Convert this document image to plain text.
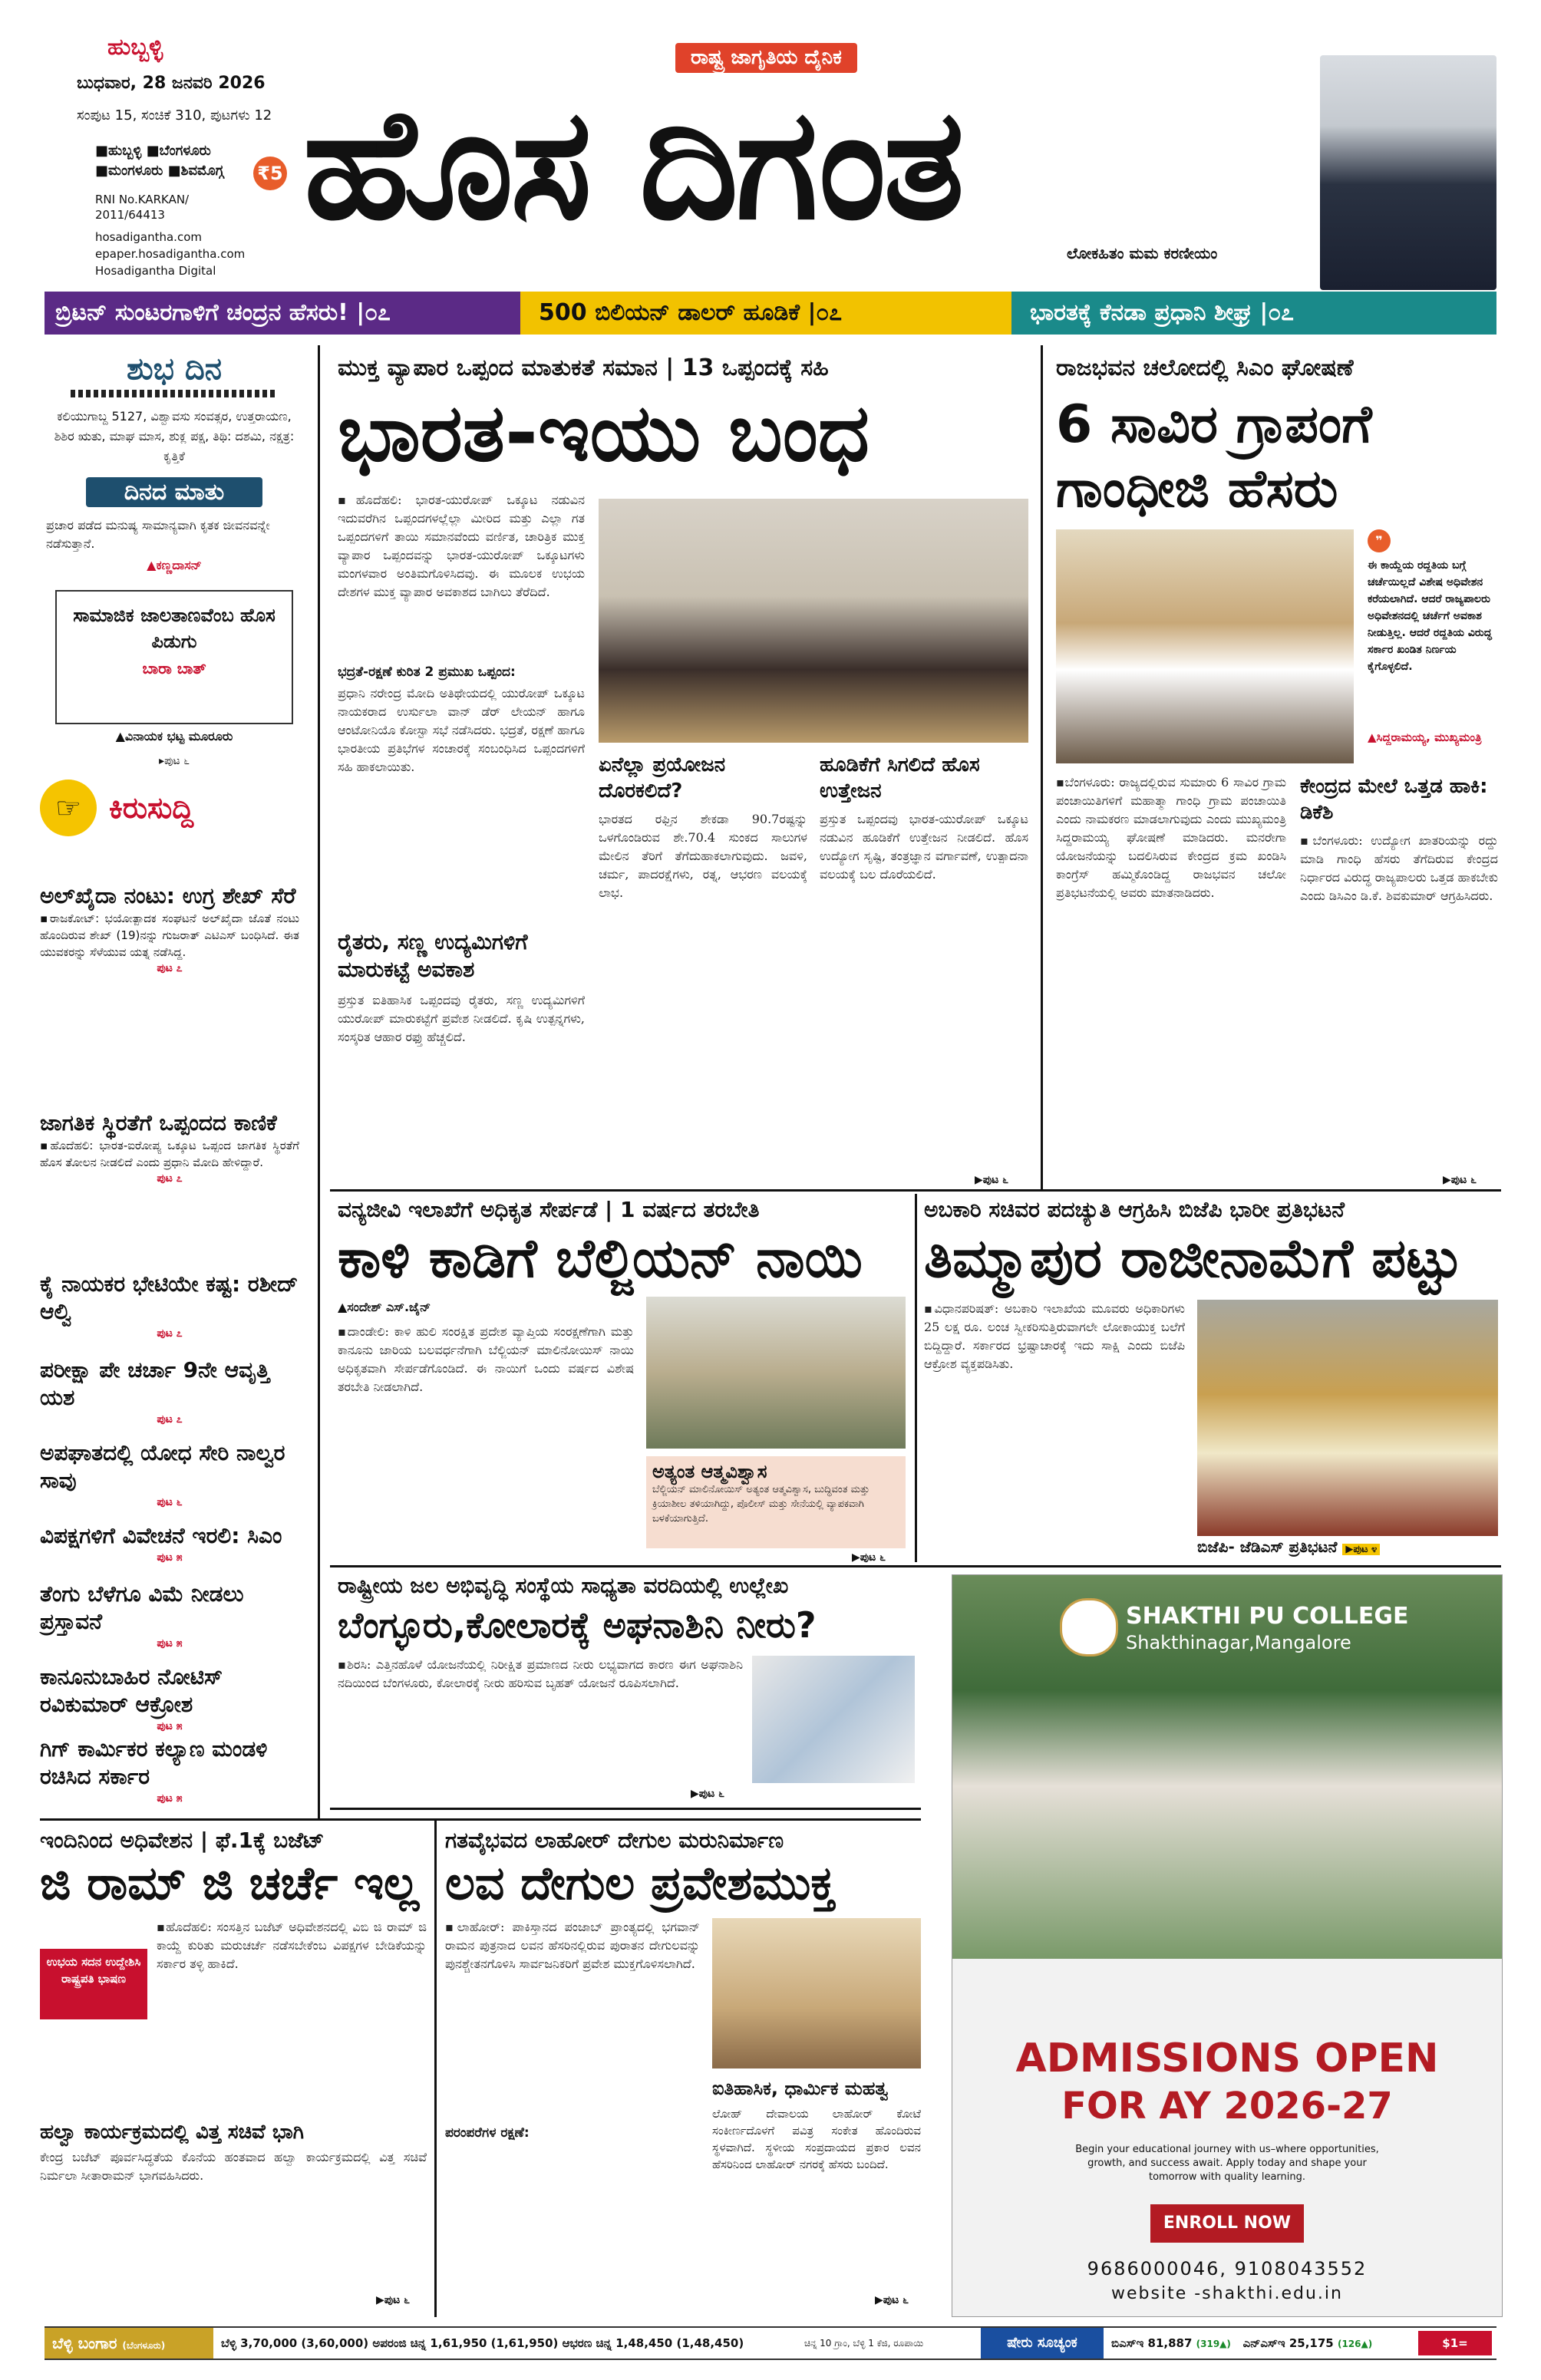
ಹುಬ್ಬಳ್ಳಿ
ಬುಧವಾರ, 28 ಜನವರಿ 2026
ಸಂಪುಟ 15, ಸಂಚಿಕೆ 310, ಪುಟಗಳು 12
■ಹುಬ್ಬಳ್ಳಿ ■ಬೆಂಗಳೂರು
■ಮಂಗಳೂರು ■ಶಿವಮೊಗ್ಗ ₹5
RNI No.KARKAN/ 2011/64413
hosadigantha.com
epaper.hosadigantha.com
Hosadigantha Digital
ರಾಷ್ಟ್ರ ಜಾಗೃತಿಯ ದೈನಿಕ
ಹೊಸ ದಿಗಂತ	ಲೋಕಹಿತಂ ಮಮ ಕರಣೀಯಂ
ಬ್ರಿಟನ್ ಸುಂಟರಗಾಳಿಗೆ ಚಂದ್ರನ ಹೆಸರು! |೦೭	500 ಬಿಲಿಯನ್ ಡಾಲರ್ ಹೂಡಿಕೆ |೦೭	ಭಾರತಕ್ಕೆ ಕೆನಡಾ ಪ್ರಧಾನಿ ಶೀಘ್ರ |೦೭
ಶುಭ ದಿನ
ಕಲಿಯುಗಾಬ್ದ 5127, ವಿಶ್ವಾವಸು ಸಂವತ್ಸರ, ಉತ್ತರಾಯಣ, ಶಿಶಿರ ಋತು, ಮಾಘ ಮಾಸ, ಶುಕ್ಲ ಪಕ್ಷ, ತಿಥಿ: ದಶಮಿ, ನಕ್ಷತ್ರ: ಕೃತ್ತಿಕೆ
ದಿನದ ಮಾತು
ಪ್ರಚಾರ ಪಡೆದ ಮನುಷ್ಯ ಸಾಮಾನ್ಯವಾಗಿ ಕೃತಕ ಜೀವನವನ್ನೇ ನಡೆಸುತ್ತಾನೆ.
▲ಕಣ್ಣದಾಸನ್
ಸಾಮಾಜಿಕ ಜಾಲತಾಣವೆಂಬ ಹೊಸ ಪಿಡುಗು
ಬಾರಾ ಬಾತ್
▲ವಿನಾಯಕ ಭಟ್ಟ ಮೂರೂರು
▸ಪುಟ ೬
☞ ಕಿರುಸುದ್ದಿ
ಅಲ್‌ಖೈದಾ ನಂಟು: ಉಗ್ರ ಶೇಖ್ ಸೆರೆ
▪ರಾಜಕೋಟ್: ಭಯೋತ್ಪಾದಕ ಸಂಘಟನೆ ಅಲ್‌ಖೈದಾ ಜೊತೆ ನಂಟು ಹೊಂದಿರುವ ಶೇಖ್ (19)ನನ್ನು ಗುಜರಾತ್ ಎಟಿಎಸ್ ಬಂಧಿಸಿದೆ. ಈತ ಯುವಕರನ್ನು ಸೆಳೆಯುವ ಯತ್ನ ನಡೆಸಿದ್ದ.
ಪುಟ ೭
ಜಾಗತಿಕ ಸ್ಥಿರತೆಗೆ ಒಪ್ಪಂದದ ಕಾಣಿಕೆ
▪ಹೊದೆಹಲಿ: ಭಾರತ-ಐರೋಪ್ಯ ಒಕ್ಕೂಟ ಒಪ್ಪಂದ ಜಾಗತಿಕ ಸ್ಥಿರತೆಗೆ ಹೊಸ ತೋಲನ ನೀಡಲಿದೆ ಎಂದು ಪ್ರಧಾನಿ ಮೋದಿ ಹೇಳಿದ್ದಾರೆ.
ಪುಟ ೭
ಕೈ ನಾಯಕರ ಭೇಟಿಯೇ ಕಷ್ಟ: ರಶೀದ್ ಆಲ್ವಿ
ಪುಟ ೭
ಪರೀಕ್ಷಾ ಪೇ ಚರ್ಚಾ 9ನೇ ಆವೃತ್ತಿ ಯಶ
ಪುಟ ೭
ಅಪಘಾತದಲ್ಲಿ ಯೋಧ ಸೇರಿ ನಾಲ್ವರ ಸಾವು
ಪುಟ ೬
ವಿಪಕ್ಷಗಳಿಗೆ ವಿವೇಚನೆ ಇರಲಿ: ಸಿಎಂ
ಪುಟ ೫
ತೆಂಗು ಬೆಳೆಗೂ ವಿಮೆ ನೀಡಲು ಪ್ರಸ್ತಾವನೆ
ಪುಟ ೫
ಕಾನೂನುಬಾಹಿರ ನೋಟಿಸ್ ರವಿಕುಮಾರ್ ಆಕ್ರೋಶ
ಪುಟ ೫
ಗಿಗ್ ಕಾರ್ಮಿಕರ ಕಲ್ಯಾಣ ಮಂಡಳಿ ರಚಿಸಿದ ಸರ್ಕಾರ
ಪುಟ ೫
ಮುಕ್ತ ವ್ಯಾಪಾರ ಒಪ್ಪಂದ ಮಾತುಕತೆ ಸಮಾನ | 13 ಒಪ್ಪಂದಕ್ಕೆ ಸಹಿ
ಭಾರತ-ಇಯು ಬಂಧ
▪ಹೊದೆಹಲಿ: ಭಾರತ-ಯುರೋಪ್ ಒಕ್ಕೂಟ ನಡುವಿನ ಇದುವರೆಗಿನ ಒಪ್ಪಂದಗಳಲ್ಲೆಲ್ಲಾ ಮೀರಿದ ಮತ್ತು ಎಲ್ಲಾ ಗತ ಒಪ್ಪಂದಗಳಿಗೆ ತಾಯಿ ಸಮಾನವೆಂದು ವರ್ಣಿತ, ಚಾರಿತ್ರಿಕ ಮುಕ್ತ ವ್ಯಾಪಾರ ಒಪ್ಪಂದವನ್ನು ಭಾರತ-ಯುರೋಪ್ ಒಕ್ಕೂಟಗಳು ಮಂಗಳವಾರ ಅಂತಿಮಗೊಳಿಸಿದವು. ಈ ಮೂಲಕ ಉಭಯ ದೇಶಗಳ ಮುಕ್ತ ವ್ಯಾಪಾರ ಅವಕಾಶದ ಬಾಗಿಲು ತೆರೆದಿದೆ.
ಭದ್ರತೆ-ರಕ್ಷಣೆ ಕುರಿತ 2 ಪ್ರಮುಖ ಒಪ್ಪಂದ:
ಪ್ರಧಾನಿ ನರೇಂದ್ರ ಮೋದಿ ಅತಿಥೇಯದಲ್ಲಿ ಯುರೋಪ್ ಒಕ್ಕೂಟ ನಾಯಕರಾದ ಉರ್ಸುಲಾ ವಾನ್ ಡೆರ್ ಲೇಯನ್ ಹಾಗೂ ಆಂಟೋನಿಯೊ ಕೋಸ್ಟಾ ಸಭೆ ನಡೆಸಿದರು. ಭದ್ರತೆ, ರಕ್ಷಣೆ ಹಾಗೂ ಭಾರತೀಯ ಪ್ರತಿಭೆಗಳ ಸಂಚಾರಕ್ಕೆ ಸಂಬಂಧಿಸಿದ ಒಪ್ಪಂದಗಳಿಗೆ ಸಹಿ ಹಾಕಲಾಯಿತು.
ರೈತರು, ಸಣ್ಣ ಉದ್ಯಮಿಗಳಿಗೆ ಮಾರುಕಟ್ಟೆ ಅವಕಾಶ
ಪ್ರಸ್ತುತ ಐತಿಹಾಸಿಕ ಒಪ್ಪಂದವು ರೈತರು, ಸಣ್ಣ ಉದ್ಯಮಿಗಳಿಗೆ ಯುರೋಪ್ ಮಾರುಕಟ್ಟೆಗೆ ಪ್ರವೇಶ ನೀಡಲಿದೆ. ಕೃಷಿ ಉತ್ಪನ್ನಗಳು, ಸಂಸ್ಕರಿತ ಆಹಾರ ರಫ್ತು ಹೆಚ್ಚಲಿದೆ.
ಏನೆಲ್ಲಾ ಪ್ರಯೋಜನ ದೊರಕಲಿದೆ?
ಭಾರತದ ರಫ್ತಿನ ಶೇಕಡಾ 90.7ರಷ್ಟನ್ನು ಒಳಗೊಂಡಿರುವ ಶೇ.70.4 ಸುಂಕದ ಸಾಲುಗಳ ಮೇಲಿನ ತೆರಿಗೆ ತೆಗೆದುಹಾಕಲಾಗುವುದು. ಜವಳಿ, ಚರ್ಮ, ಪಾದರಕ್ಷೆಗಳು, ರತ್ನ, ಆಭರಣ ವಲಯಕ್ಕೆ ಲಾಭ.
ಹೂಡಿಕೆಗೆ ಸಿಗಲಿದೆ ಹೊಸ ಉತ್ತೇಜನ
ಪ್ರಸ್ತುತ ಒಪ್ಪಂದವು ಭಾರತ-ಯುರೋಪ್ ಒಕ್ಕೂಟ ನಡುವಿನ ಹೂಡಿಕೆಗೆ ಉತ್ತೇಜನ ನೀಡಲಿದೆ. ಹೊಸ ಉದ್ಯೋಗ ಸೃಷ್ಟಿ, ತಂತ್ರಜ್ಞಾನ ವರ್ಗಾವಣೆ, ಉತ್ಪಾದನಾ ವಲಯಕ್ಕೆ ಬಲ ದೊರೆಯಲಿದೆ.
▶ಪುಟ ೬
ರಾಜಭವನ ಚಲೋದಲ್ಲಿ ಸಿಎಂ ಘೋಷಣೆ
6 ಸಾವಿರ ಗ್ರಾಪಂಗೆ ಗಾಂಧೀಜಿ ಹೆಸರು
❞
ಈ ಕಾಯ್ದೆಯ ರದ್ದತಿಯ ಬಗ್ಗೆ ಚರ್ಚೆಯಿಲ್ಲದೆ ವಿಶೇಷ ಅಧಿವೇಶನ ಕರೆಯಲಾಗಿದೆ. ಆದರೆ ರಾಜ್ಯಪಾಲರು ಅಧಿವೇಶನದಲ್ಲಿ ಚರ್ಚೆಗೆ ಅವಕಾಶ ನೀಡುತ್ತಿಲ್ಲ. ಆದರೆ ರದ್ದತಿಯ ವಿರುದ್ಧ ಸರ್ಕಾರ ಖಂಡಿತ ನಿರ್ಣಯ ಕೈಗೊಳ್ಳಲಿದೆ.
▲ಸಿದ್ದರಾಮಯ್ಯ, ಮುಖ್ಯಮಂತ್ರಿ
▪ಬೆಂಗಳೂರು: ರಾಜ್ಯದಲ್ಲಿರುವ ಸುಮಾರು 6 ಸಾವಿರ ಗ್ರಾಮ ಪಂಚಾಯಿತಿಗಳಿಗೆ ಮಹಾತ್ಮಾ ಗಾಂಧಿ ಗ್ರಾಮ ಪಂಚಾಯಿತಿ ಎಂದು ನಾಮಕರಣ ಮಾಡಲಾಗುವುದು ಎಂದು ಮುಖ್ಯಮಂತ್ರಿ ಸಿದ್ದರಾಮಯ್ಯ ಘೋಷಣೆ ಮಾಡಿದರು. ಮನರೇಗಾ ಯೋಜನೆಯನ್ನು ಬದಲಿಸಿರುವ ಕೇಂದ್ರದ ಕ್ರಮ ಖಂಡಿಸಿ ಕಾಂಗ್ರೆಸ್ ಹಮ್ಮಿಕೊಂಡಿದ್ದ ರಾಜಭವನ ಚಲೋ ಪ್ರತಿಭಟನೆಯಲ್ಲಿ ಅವರು ಮಾತನಾಡಿದರು.
ಕೇಂದ್ರದ ಮೇಲೆ ಒತ್ತಡ ಹಾಕಿ: ಡಿಕೆಶಿ
▪ಬೆಂಗಳೂರು: ಉದ್ಯೋಗ ಖಾತರಿಯನ್ನು ರದ್ದು ಮಾಡಿ ಗಾಂಧಿ ಹೆಸರು ತೆಗೆದಿರುವ ಕೇಂದ್ರದ ನಿರ್ಧಾರದ ವಿರುದ್ಧ ರಾಜ್ಯಪಾಲರು ಒತ್ತಡ ಹಾಕಬೇಕು ಎಂದು ಡಿಸಿಎಂ ಡಿ.ಕೆ. ಶಿವಕುಮಾರ್ ಆಗ್ರಹಿಸಿದರು.
▶ಪುಟ ೬
ವನ್ಯಜೀವಿ ಇಲಾಖೆಗೆ ಅಧಿಕೃತ ಸೇರ್ಪಡೆ | 1 ವರ್ಷದ ತರಬೇತಿ
ಕಾಳಿ ಕಾಡಿಗೆ ಬೆಲ್ಜಿಯನ್ ನಾಯಿ
▲ಸಂದೇಶ್ ಎಸ್.ಜೈನ್
▪ದಾಂಡೇಲಿ: ಕಾಳಿ ಹುಲಿ ಸಂರಕ್ಷಿತ ಪ್ರದೇಶ ವ್ಯಾಪ್ತಿಯ ಸಂರಕ್ಷಣೆಗಾಗಿ ಮತ್ತು ಕಾನೂನು ಜಾರಿಯ ಬಲವರ್ಧನೆಗಾಗಿ ಬೆಲ್ಜಿಯನ್ ಮಾಲಿನೋಯಿಸ್ ನಾಯಿ ಅಧಿಕೃತವಾಗಿ ಸೇರ್ಪಡೆಗೊಂಡಿದೆ. ಈ ನಾಯಿಗೆ ಒಂದು ವರ್ಷದ ವಿಶೇಷ ತರಬೇತಿ ನೀಡಲಾಗಿದೆ.
ಅತ್ಯಂತ ಆತ್ಮವಿಶ್ವಾಸ
ಬೆಲ್ಜಿಯನ್ ಮಾಲಿನೋಯಿಸ್ ಅತ್ಯಂತ ಆತ್ಮವಿಶ್ವಾಸ, ಬುದ್ಧಿವಂತ ಮತ್ತು ಕ್ರಿಯಾಶೀಲ ತಳಿಯಾಗಿದ್ದು, ಪೊಲೀಸ್ ಮತ್ತು ಸೇನೆಯಲ್ಲಿ ವ್ಯಾಪಕವಾಗಿ ಬಳಕೆಯಾಗುತ್ತಿದೆ.
▶ಪುಟ ೬
ಅಬಕಾರಿ ಸಚಿವರ ಪದಚ್ಯುತಿ ಆಗ್ರಹಿಸಿ ಬಿಜೆಪಿ ಭಾರೀ ಪ್ರತಿಭಟನೆ
ತಿಮ್ಮಾಪುರ ರಾಜೀನಾಮೆಗೆ ಪಟ್ಟು
▪ವಿಧಾನಪರಿಷತ್: ಅಬಕಾರಿ ಇಲಾಖೆಯ ಮೂವರು ಅಧಿಕಾರಿಗಳು 25 ಲಕ್ಷ ರೂ. ಲಂಚ ಸ್ವೀಕರಿಸುತ್ತಿರುವಾಗಲೇ ಲೋಕಾಯುಕ್ತ ಬಲೆಗೆ ಬಿದ್ದಿದ್ದಾರೆ. ಸರ್ಕಾರದ ಭ್ರಷ್ಟಾಚಾರಕ್ಕೆ ಇದು ಸಾಕ್ಷಿ ಎಂದು ಬಿಜೆಪಿ ಆಕ್ರೋಶ ವ್ಯಕ್ತಪಡಿಸಿತು.
ಬಿಜೆಪಿ- ಜೆಡಿಎಸ್ ಪ್ರತಿಭಟನೆ ▶ಪುಟ ೪
ರಾಷ್ಟ್ರೀಯ ಜಲ ಅಭಿವೃದ್ಧಿ ಸಂಸ್ಥೆಯ ಸಾಧ್ಯತಾ ವರದಿಯಲ್ಲಿ ಉಲ್ಲೇಖ
ಬೆಂಗ್ಳೂರು,ಕೋಲಾರಕ್ಕೆ ಅಘನಾಶಿನಿ ನೀರು?
▪ಶಿರಸಿ: ಎತ್ತಿನಹೊಳೆ ಯೋಜನೆಯಲ್ಲಿ ನಿರೀಕ್ಷಿತ ಪ್ರಮಾಣದ ನೀರು ಲಭ್ಯವಾಗದ ಕಾರಣ ಈಗ ಅಘನಾಶಿನಿ ನದಿಯಿಂದ ಬೆಂಗಳೂರು, ಕೋಲಾರಕ್ಕೆ ನೀರು ಹರಿಸುವ ಬೃಹತ್ ಯೋಜನೆ ರೂಪಿಸಲಾಗಿದೆ.
▶ಪುಟ ೬
ಇಂದಿನಿಂದ ಅಧಿವೇಶನ | ಫೆ.1ಕ್ಕೆ ಬಜೆಟ್
ಜಿ ರಾಮ್ ಜಿ ಚರ್ಚೆ ಇಲ್ಲ
ಉಭಯ ಸದನ ಉದ್ದೇಶಿಸಿ ರಾಷ್ಟ್ರಪತಿ ಭಾಷಣ
▪ಹೊದೆಹಲಿ: ಸಂಸತ್ತಿನ ಬಜೆಟ್ ಅಧಿವೇಶನದಲ್ಲಿ ವಿಬಿ ಜಿ ರಾಮ್ ಜಿ ಕಾಯ್ದೆ ಕುರಿತು ಮರುಚರ್ಚೆ ನಡೆಸಬೇಕೆಂಬ ವಿಪಕ್ಷಗಳ ಬೇಡಿಕೆಯನ್ನು ಸರ್ಕಾರ ತಳ್ಳಿ ಹಾಕಿದೆ.
ಹಲ್ವಾ ಕಾರ್ಯಕ್ರಮದಲ್ಲಿ ವಿತ್ತ ಸಚಿವೆ ಭಾಗಿ
ಕೇಂದ್ರ ಬಜೆಟ್ ಪೂರ್ವಸಿದ್ಧತೆಯ ಕೊನೆಯ ಹಂತವಾದ ಹಲ್ವಾ ಕಾರ್ಯಕ್ರಮದಲ್ಲಿ ವಿತ್ತ ಸಚಿವೆ ನಿರ್ಮಲಾ ಸೀತಾರಾಮನ್ ಭಾಗವಹಿಸಿದರು.
▶ಪುಟ ೬
ಗತವೈಭವದ ಲಾಹೋರ್ ದೇಗುಲ ಮರುನಿರ್ಮಾಣ
ಲವ ದೇಗುಲ ಪ್ರವೇಶಮುಕ್ತ
▪ಲಾಹೋರ್: ಪಾಕಿಸ್ತಾನದ ಪಂಜಾಬ್ ಪ್ರಾಂತ್ಯದಲ್ಲಿ ಭಗವಾನ್ ರಾಮನ ಪುತ್ರನಾದ ಲವನ ಹೆಸರಿನಲ್ಲಿರುವ ಪುರಾತನ ದೇಗುಲವನ್ನು ಪುನಶ್ಚೇತನಗೊಳಿಸಿ ಸಾರ್ವಜನಿಕರಿಗೆ ಪ್ರವೇಶ ಮುಕ್ತಗೊಳಿಸಲಾಗಿದೆ.
ಪರಂಪರೆಗಳ ರಕ್ಷಣೆ:
ಐತಿಹಾಸಿಕ, ಧಾರ್ಮಿಕ ಮಹತ್ವ
ಲೋಹ್ ದೇವಾಲಯ ಲಾಹೋರ್ ಕೋಟೆ ಸಂಕೀರ್ಣದೊಳಗೆ ಪವಿತ್ರ ಸಂಕೇತ ಹೊಂದಿರುವ ಸ್ಥಳವಾಗಿದೆ. ಸ್ಥಳೀಯ ಸಂಪ್ರದಾಯದ ಪ್ರಕಾರ ಲವನ ಹೆಸರಿನಿಂದ ಲಾಹೋರ್ ನಗರಕ್ಕೆ ಹೆಸರು ಬಂದಿದೆ.
▶ಪುಟ ೬
SHAKTHI PU COLLEGE
Shakthinagar,Mangalore
ADMISSIONS OPEN
FOR AY 2026-27
Begin your educational journey with us–where opportunities, growth, and success await. Apply today and shape your tomorrow with quality learning.
ENROLL NOW
9686000046, 9108043552
website -shakthi.edu.in
ಬೆಳ್ಳಿ ಬಂಗಾರ (ಬೆಂಗಳೂರು)	ಬೆಳ್ಳಿ 3,70,000 (3,60,000) ಅಪರಂಜಿ ಚಿನ್ನ 1,61,950 (1,61,950) ಆಭರಣ ಚಿನ್ನ 1,48,450 (1,48,450)	ಚಿನ್ನ 10 ಗ್ರಾಂ, ಬೆಳ್ಳಿ 1 ಕೆಜಿ, ರೂಪಾಯಿ	ಷೇರು ಸೂಚ್ಯಂಕ	ಬಿಎಸ್‌ಇ 81,887 (319▲) ಎನ್ಎಸ್‌ಇ 25,175 (126▲)	$1= ₹91.54
